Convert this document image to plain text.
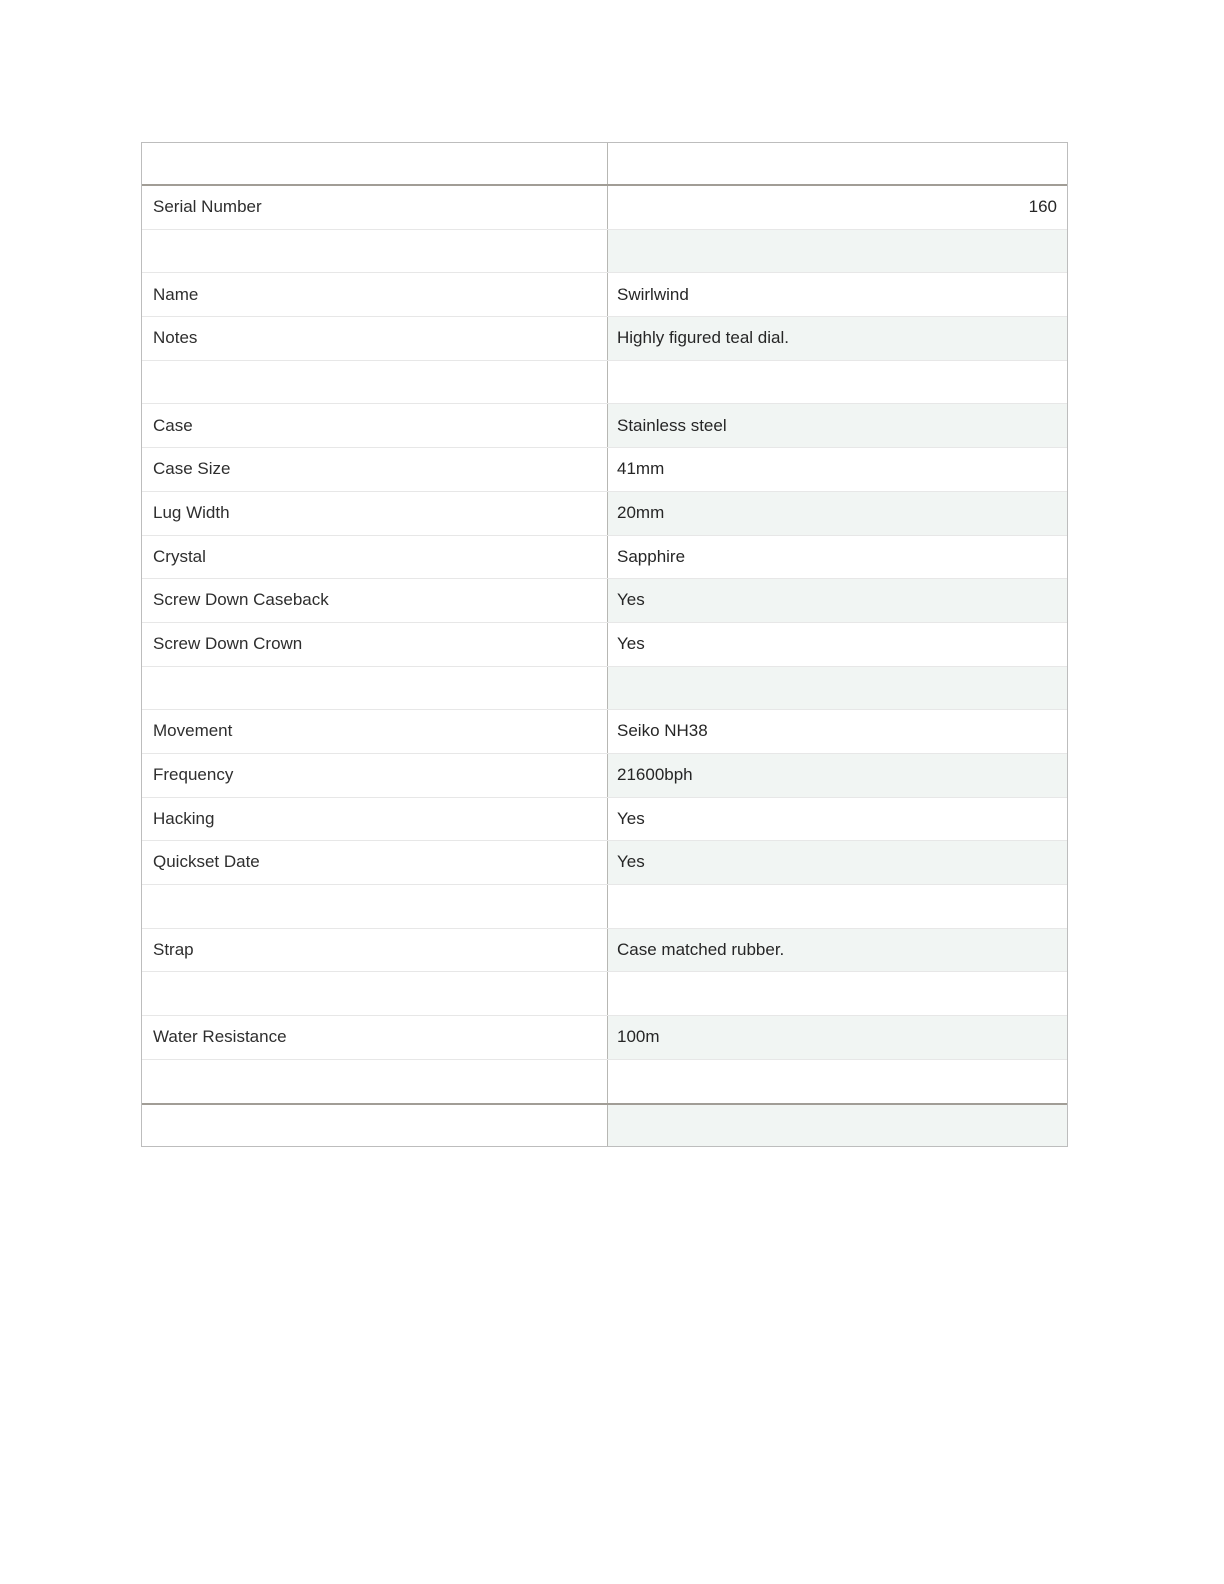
Serial Number	160
Name	Swirlwind
Notes	Highly figured teal dial.
Case	Stainless steel
Case Size	41mm
Lug Width	20mm
Crystal	Sapphire
Screw Down Caseback	Yes
Screw Down Crown	Yes
Movement	Seiko NH38
Frequency	21600bph
Hacking	Yes
Quickset Date	Yes
Strap	Case matched rubber.
Water Resistance	100m
